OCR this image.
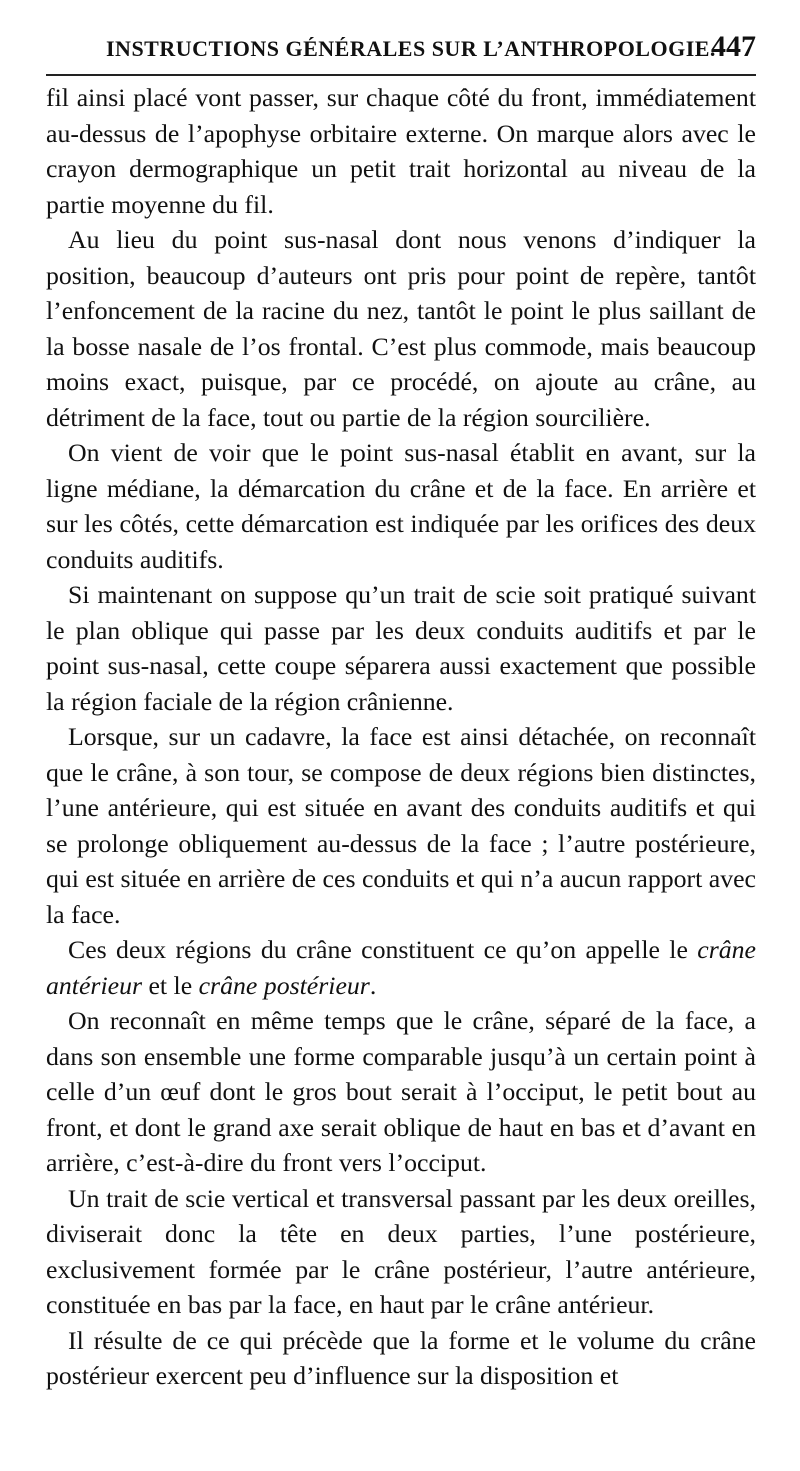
INSTRUCTIONS GÉNÉRALES SUR L’ANTHROPOLOGIE.
447

fil ainsi placé vont passer, sur chaque côté du front, immédiatement au-dessus de l’apophyse orbitaire externe. On marque alors avec le crayon dermographique un petit trait horizontal au niveau de la partie moyenne du fil.

Au lieu du point sus-nasal dont nous venons d’indiquer la position, beaucoup d’auteurs ont pris pour point de repère, tantôt l’enfoncement de la racine du nez, tantôt le point le plus saillant de la bosse nasale de l’os frontal. C’est plus commode, mais beaucoup moins exact, puisque, par ce procédé, on ajoute au crâne, au détriment de la face, tout ou partie de la région sourcilière.

On vient de voir que le point sus-nasal établit en avant, sur la ligne médiane, la démarcation du crâne et de la face. En arrière et sur les côtés, cette démarcation est indiquée par les orifices des deux conduits auditifs.

Si maintenant on suppose qu’un trait de scie soit pratiqué suivant le plan oblique qui passe par les deux conduits auditifs et par le point sus-nasal, cette coupe séparera aussi exactement que possible la région faciale de la région crânienne.

Lorsque, sur un cadavre, la face est ainsi détachée, on reconnaît que le crâne, à son tour, se compose de deux régions bien distinctes, l’une antérieure, qui est située en avant des conduits auditifs et qui se prolonge obliquement au-dessus de la face ; l’autre postérieure, qui est située en arrière de ces conduits et qui n’a aucun rapport avec la face.

Ces deux régions du crâne constituent ce qu’on appelle le crâne antérieur et le crâne postérieur.

On reconnaît en même temps que le crâne, séparé de la face, a dans son ensemble une forme comparable jusqu’à un certain point à celle d’un œuf dont le gros bout serait à l’occiput, le petit bout au front, et dont le grand axe serait oblique de haut en bas et d’avant en arrière, c’est-à-dire du front vers l’occiput.

Un trait de scie vertical et transversal passant par les deux oreilles, diviserait donc la tête en deux parties, l’une postérieure, exclusivement formée par le crâne postérieur, l’autre antérieure, constituée en bas par la face, en haut par le crâne antérieur.

Il résulte de ce qui précède que la forme et le volume du crâne postérieur exercent peu d’influence sur la disposition et
